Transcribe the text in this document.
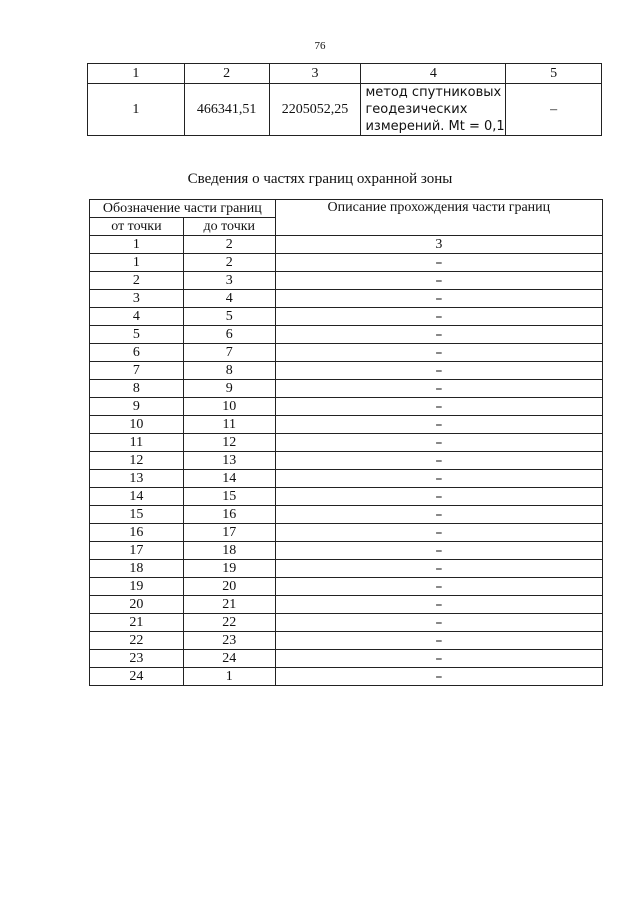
76
1	2	3	4	5
1	466341,51	2205052,25	метод спутниковых
геодезических
измерений. Mt = 0,1	–
Сведения о частях границ охранной зоны
Обозначение части границ		Описание прохождения части границ
от точки	до точки	
1	2	3
1	2	–
2	3	–
3	4	–
4	5	–
5	6	–
6	7	–
7	8	–
8	9	–
9	10	–
10	11	–
11	12	–
12	13	–
13	14	–
14	15	–
15	16	–
16	17	–
17	18	–
18	19	–
19	20	–
20	21	–
21	22	–
22	23	–
23	24	–
24	1	–
